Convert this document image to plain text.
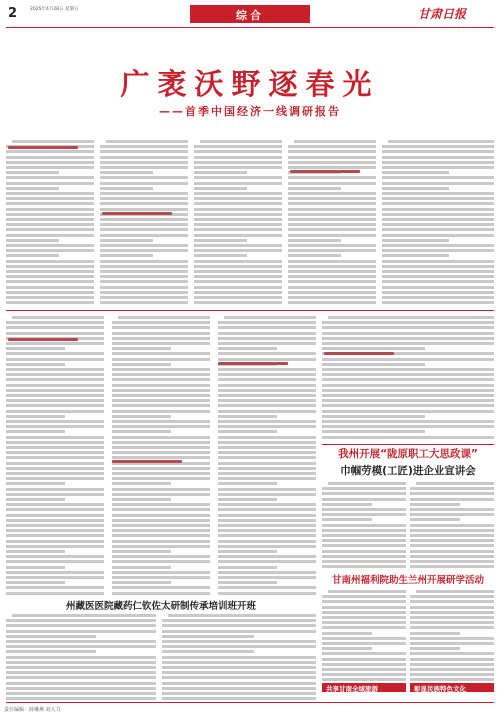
2	2025年4月28日 星期五	综合	甘肃日报
广袤沃野逐春光
——首季中国经济一线调研报告
我州开展“陇原职工大思政课”
巾帼劳模(工匠)进企业宣讲会
甘南州福利院助生兰州开展研学活动
州藏医医院藏药仁钦佐太研制传承培训班开班
共享甘南全域旅游	彰显民族特色文化
责任编辑：薛琳燕 刘大力
